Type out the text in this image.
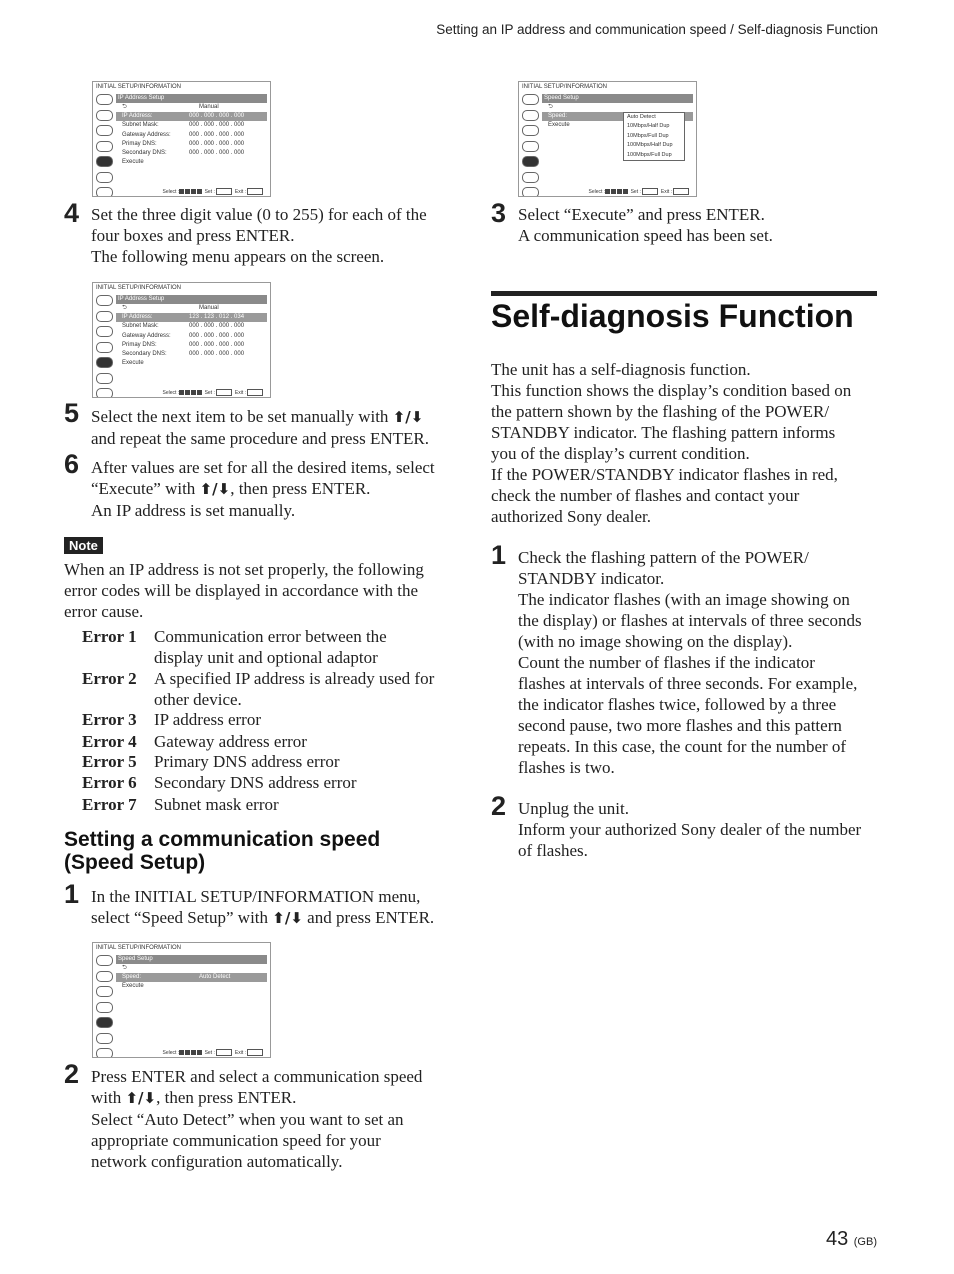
Setting an IP address and communication speed / Self-diagnosis Function
INITIAL SETUP/INFORMATION
IP Address Setup
⮌	Manual
IP Address:	000 . 000 . 000 . 000
Subnet Mask:	000 . 000 . 000 . 000
Gateway Address:	000 . 000 . 000 . 000
Primay DNS:	000 . 000 . 000 . 000
Secondary DNS:	000 . 000 . 000 . 000
Execute
Select :	Set :	Exit :
4 Set the three digit value (0 to 255) for each of the
four boxes and press ENTER.
The following menu appears on the screen.
INITIAL SETUP/INFORMATION
IP Address Setup
⮌	Manual
IP Address:	123 . 123 . 012 . 034
Subnet Mask:	000 . 000 . 000 . 000
Gateway Address:	000 . 000 . 000 . 000
Primay DNS:	000 . 000 . 000 . 000
Secondary DNS:	000 . 000 . 000 . 000
Execute
Select :	Set :	Exit :
5 Select the next item to be set manually with ⬆/⬇
and repeat the same procedure and press ENTER.
6 After values are set for all the desired items, select
“Execute” with ⬆/⬇, then press ENTER.
An IP address is set manually.
Note
When an IP address is not set properly, the following
error codes will be displayed in accordance with the
error cause.
Error 1 Communication error between the
display unit and optional adaptor
Error 2 A specified IP address is already used for
other device.
Error 3 IP address error
Error 4 Gateway address error
Error 5 Primary DNS address error
Error 6 Secondary DNS address error
Error 7 Subnet mask error
Setting a communication speed
(Speed Setup)
1 In the INITIAL SETUP/INFORMATION menu,
select “Speed Setup” with ⬆/⬇ and press ENTER.
INITIAL SETUP/INFORMATION
Speed Setup
⮌
Speed:	Auto Detect
Execute
Select :	Set :	Exit :
2 Press ENTER and select a communication speed
with ⬆/⬇, then press ENTER.
Select “Auto Detect” when you want to set an
appropriate communication speed for your
network configuration automatically.
INITIAL SETUP/INFORMATION
Speed Setup
⮌
Speed:
Execute
Auto Detect
10Mbps/Half Dup
10Mbps/Full Dup
100Mbps/Half Dup
100Mbps/Full Dup
Select :	Set :	Exit :
3 Select “Execute” and press ENTER.
A communication speed has been set.
Self-diagnosis Function
The unit has a self-diagnosis function.
This function shows the display’s condition based on
the pattern shown by the flashing of the POWER/
STANDBY indicator. The flashing pattern informs
you of the display’s current condition.
If the POWER/STANDBY indicator flashes in red,
check the number of flashes and contact your
authorized Sony dealer.
1 Check the flashing pattern of the POWER/
STANDBY indicator.
The indicator flashes (with an image showing on
the display) or flashes at intervals of three seconds
(with no image showing on the display).
Count the number of flashes if the indicator
flashes at intervals of three seconds. For example,
the indicator flashes twice, followed by a three
second pause, two more flashes and this pattern
repeats. In this case, the count for the number of
flashes is two.
2 Unplug the unit.
Inform your authorized Sony dealer of the number
of flashes.
43 (GB)
